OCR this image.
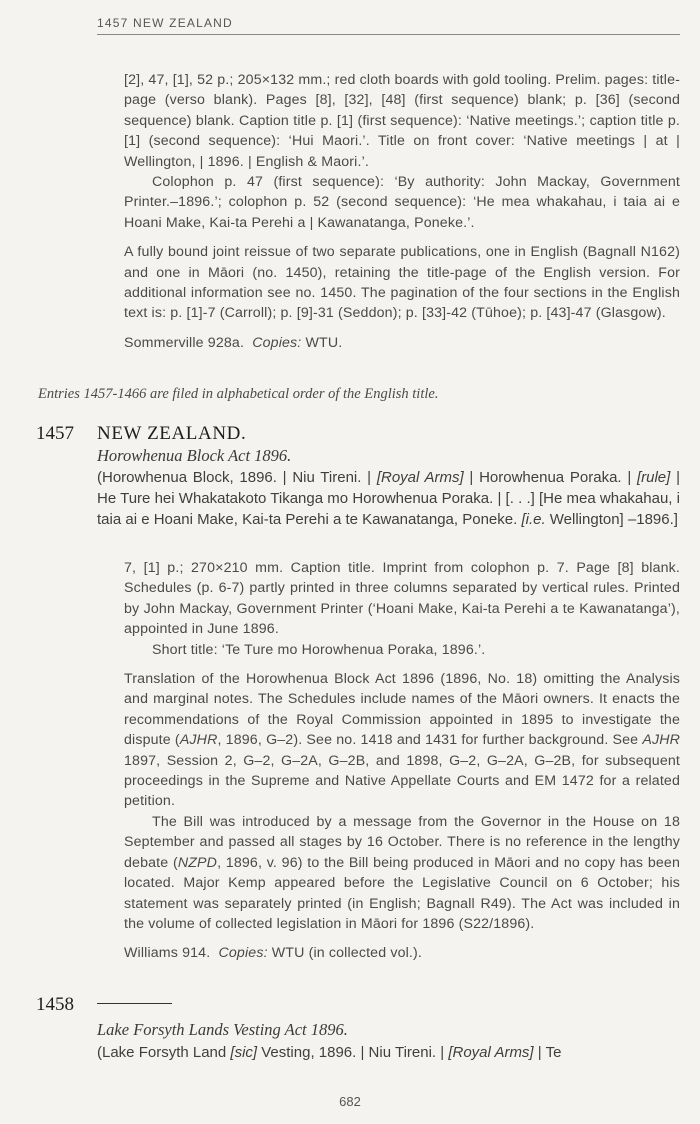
1457 NEW ZEALAND

[2], 47, [1], 52 p.; 205×132 mm.; red cloth boards with gold tooling. Prelim. pages: title-page (verso blank). Pages [8], [32], [48] (first sequence) blank; p. [36] (second sequence) blank. Caption title p. [1] (first sequence): ‘Native meetings.’; caption title p. [1] (second sequence): ‘Hui Maori.’. Title on front cover: ‘Native meetings | at | Wellington, | 1896. | English & Maori.’.

Colophon p. 47 (first sequence): ‘By authority: John Mackay, Government Printer.–1896.’; colophon p. 52 (second sequence): ‘He mea whakahau, i taia ai e Hoani Make, Kai-ta Perehi a | Kawanatanga, Poneke.’.

A fully bound joint reissue of two separate publications, one in English (Bagnall N162) and one in Māori (no. 1450), retaining the title-page of the English version. For additional information see no. 1450. The pagination of the four sections in the English text is: p. [1]-7 (Carroll); p. [9]-31 (Seddon); p. [33]-42 (Tūhoe); p. [43]-47 (Glasgow).

Sommerville 928a. Copies: WTU.

Entries 1457-1466 are filed in alphabetical order of the English title.

1457 NEW ZEALAND.

Horowhenua Block Act 1896.

(Horowhenua Block, 1896. | Niu Tireni. | [Royal Arms] | Horowhenua Poraka. | [rule] | He Ture hei Whakatakoto Tikanga mo Horowhenua Poraka. | [. . .] [He mea whakahau, i taia ai e Hoani Make, Kai-ta Perehi a te Kawanatanga, Poneke. [i.e. Wellington] –1896.]

7, [1] p.; 270×210 mm. Caption title. Imprint from colophon p. 7. Page [8] blank. Schedules (p. 6-7) partly printed in three columns separated by vertical rules. Printed by John Mackay, Government Printer (‘Hoani Make, Kai-ta Perehi a te Kawanatanga’), appointed in June 1896.

Short title: ‘Te Ture mo Horowhenua Poraka, 1896.’.

Translation of the Horowhenua Block Act 1896 (1896, No. 18) omitting the Analysis and marginal notes. The Schedules include names of the Māori owners. It enacts the recommendations of the Royal Commission appointed in 1895 to investigate the dispute (AJHR, 1896, G–2). See no. 1418 and 1431 for further background. See AJHR 1897, Session 2, G–2, G–2A, G–2B, and 1898, G–2, G–2A, G–2B, for subsequent proceedings in the Supreme and Native Appellate Courts and EM 1472 for a related petition.

The Bill was introduced by a message from the Governor in the House on 18 September and passed all stages by 16 October. There is no reference in the lengthy debate (NZPD, 1896, v. 96) to the Bill being produced in Māori and no copy has been located. Major Kemp appeared before the Legislative Council on 6 October; his statement was separately printed (in English; Bagnall R49). The Act was included in the volume of collected legislation in Māori for 1896 (S22/1896).

Williams 914. Copies: WTU (in collected vol.).

1458

Lake Forsyth Lands Vesting Act 1896.

(Lake Forsyth Land [sic] Vesting, 1896. | Niu Tireni. | [Royal Arms] | Te

682
